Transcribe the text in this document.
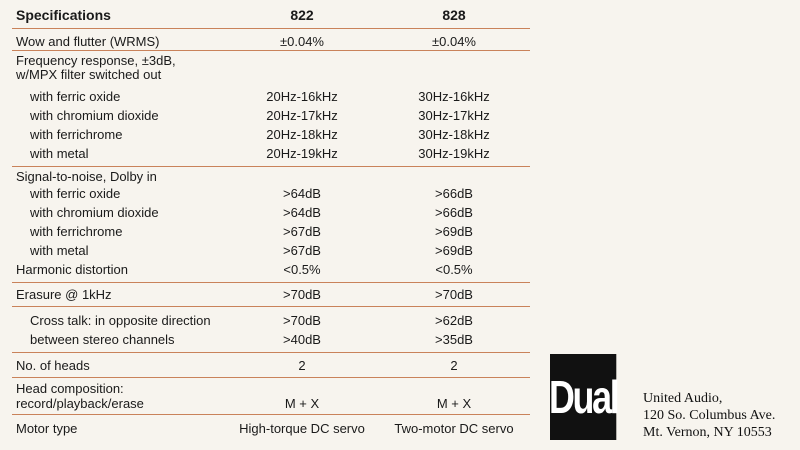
Specifications	822	828
Wow and flutter (WRMS)	±0.04%	±0.04%
Frequency response, ±3dB,
w/MPX filter switched out
with ferric oxide	20Hz-16kHz	30Hz-16kHz
with chromium dioxide	20Hz-17kHz	30Hz-17kHz
with ferrichrome	20Hz-18kHz	30Hz-18kHz
with metal	20Hz-19kHz	30Hz-19kHz
Signal-to-noise, Dolby in
with ferric oxide	>64dB	>66dB
with chromium dioxide	>64dB	>66dB
with ferrichrome	>67dB	>69dB
with metal	>67dB	>69dB
Harmonic distortion	<0.5%	<0.5%
Erasure @ 1kHz	>70dB	>70dB
Cross talk: in opposite direction	>70dB	>62dB
between stereo channels	>40dB	>35dB
No. of heads	2	2
Head composition:
record/playback/erase	M + X	M + X
Motor type	High-torque DC servo	Two-motor DC servo
Dual United Audio,
120 So. Columbus Ave.
Mt. Vernon, NY 10553
